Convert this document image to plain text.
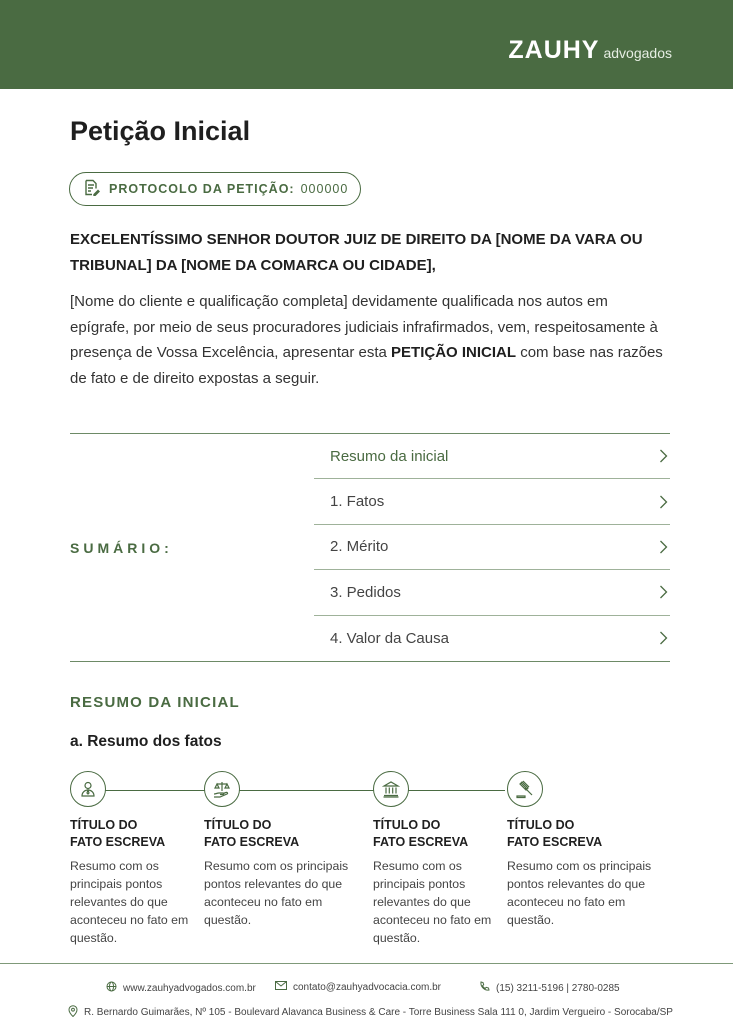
ZAUHY advogados
Petição Inicial
PROTOCOLO DA PETIÇÃO: 000000

EXCELENTÍSSIMO SENHOR DOUTOR JUIZ DE DIREITO DA [NOME DA VARA OU TRIBUNAL] DA [NOME DA COMARCA OU CIDADE],

[Nome do cliente e qualificação completa] devidamente qualificada nos autos em epígrafe, por meio de seus procuradores judiciais infrafirmados, vem, respeitosamente à presença de Vossa Excelência, apresentar esta PETIÇÃO INICIAL com base nas razões de fato e de direito expostas a seguir.

SUMÁRIO:
Resumo da inicial
1. Fatos
2. Mérito
3. Pedidos
4. Valor da Causa
RESUMO DA INICIAL
a. Resumo dos fatos

TÍTULO DO FATO ESCREVA

Resumo com os principais pontos relevantes do que aconteceu no fato em questão.

TÍTULO DO FATO ESCREVA

Resumo com os principais pontos relevantes do que aconteceu no fato em questão.

TÍTULO DO FATO ESCREVA

Resumo com os principais pontos relevantes do que aconteceu no fato em questão.

TÍTULO DO FATO ESCREVA

Resumo com os principais pontos relevantes do que aconteceu no fato em questão.

www.zauhyadvogados.com.br	contato@zauhyadvocacia.com.br	(15) 3211-5196 | 2780-0285
R. Bernardo Guimarães, Nº 105 - Boulevard Alavanca Business & Care - Torre Business Sala 111 0, Jardim Vergueiro - Sorocaba/SP
